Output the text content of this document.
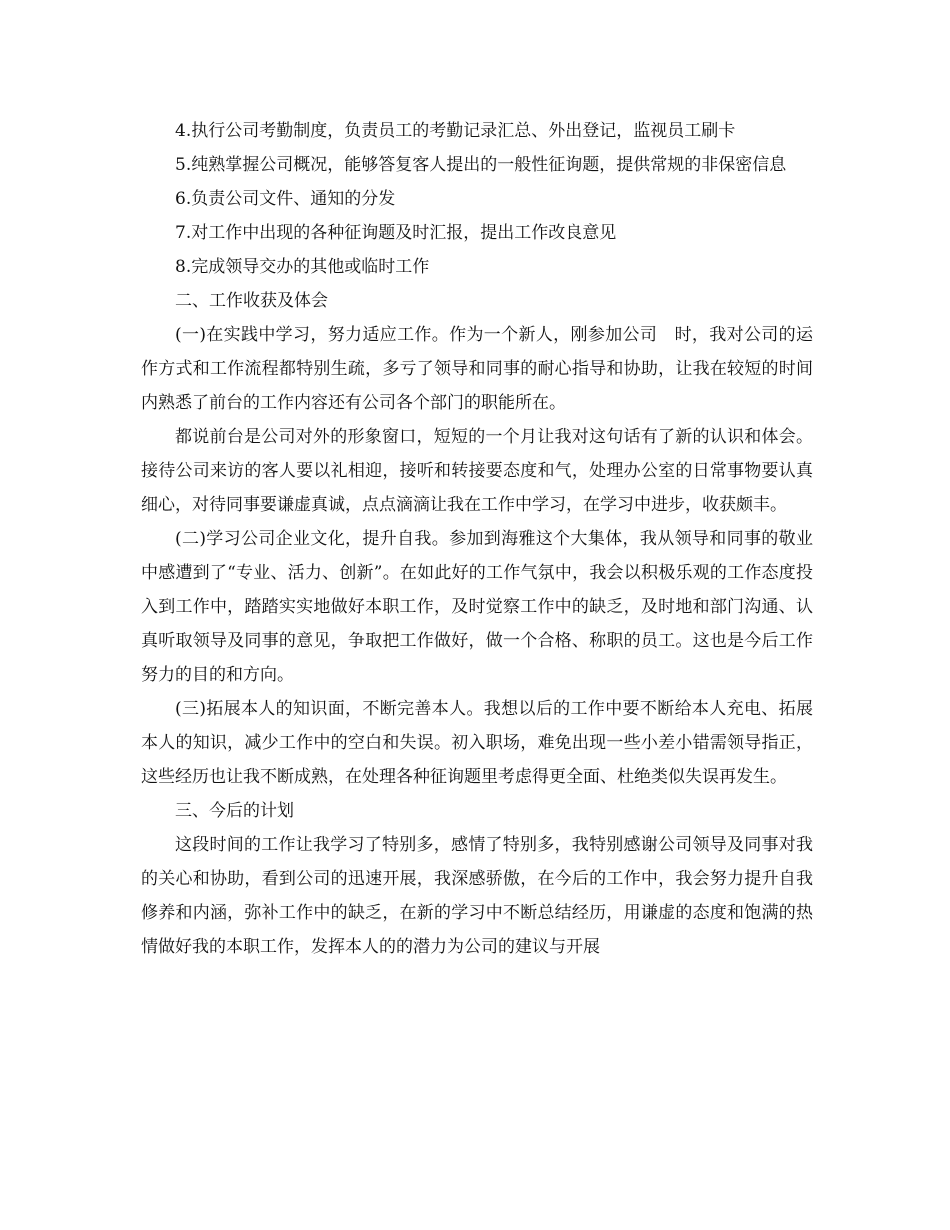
4.执行公司考勤制度，负责员工的考勤记录汇总、外出登记，监视员工刷卡

5.纯熟掌握公司概况，能够答复客人提出的一般性征询题，提供常规的非保密信息

6.负责公司文件、通知的分发

7.对工作中出现的各种征询题及时汇报，提出工作改良意见

8.完成领导交办的其他或临时工作

二、工作收获及体会

(一)在实践中学习，努力适应工作。作为一个新人，刚参加公司　时，我对公司的运作方式和工作流程都特别生疏，多亏了领导和同事的耐心指导和协助，让我在较短的时间内熟悉了前台的工作内容还有公司各个部门的职能所在。

都说前台是公司对外的形象窗口，短短的一个月让我对这句话有了新的认识和体会。接待公司来访的客人要以礼相迎，接听和转接要态度和气，处理办公室的日常事物要认真细心，对待同事要谦虚真诚，点点滴滴让我在工作中学习，在学习中进步，收获颇丰。

(二)学习公司企业文化，提升自我。参加到海雅这个大集体，我从领导和同事的敬业中感遭到了“专业、活力、创新”。在如此好的工作气氛中，我会以积极乐观的工作态度投入到工作中，踏踏实实地做好本职工作，及时觉察工作中的缺乏，及时地和部门沟通、认真听取领导及同事的意见，争取把工作做好，做一个合格、称职的员工。这也是今后工作努力的目的和方向。

(三)拓展本人的知识面，不断完善本人。我想以后的工作中要不断给本人充电、拓展本人的知识，减少工作中的空白和失误。初入职场，难免出现一些小差小错需领导指正，这些经历也让我不断成熟，在处理各种征询题里考虑得更全面、杜绝类似失误再发生。

三、今后的计划

这段时间的工作让我学习了特别多，感情了特别多，我特别感谢公司领导及同事对我的关心和协助，看到公司的迅速开展，我深感骄傲，在今后的工作中，我会努力提升自我修养和内涵，弥补工作中的缺乏，在新的学习中不断总结经历，用谦虚的态度和饱满的热情做好我的本职工作，发挥本人的的潜力为公司的建议与开展
